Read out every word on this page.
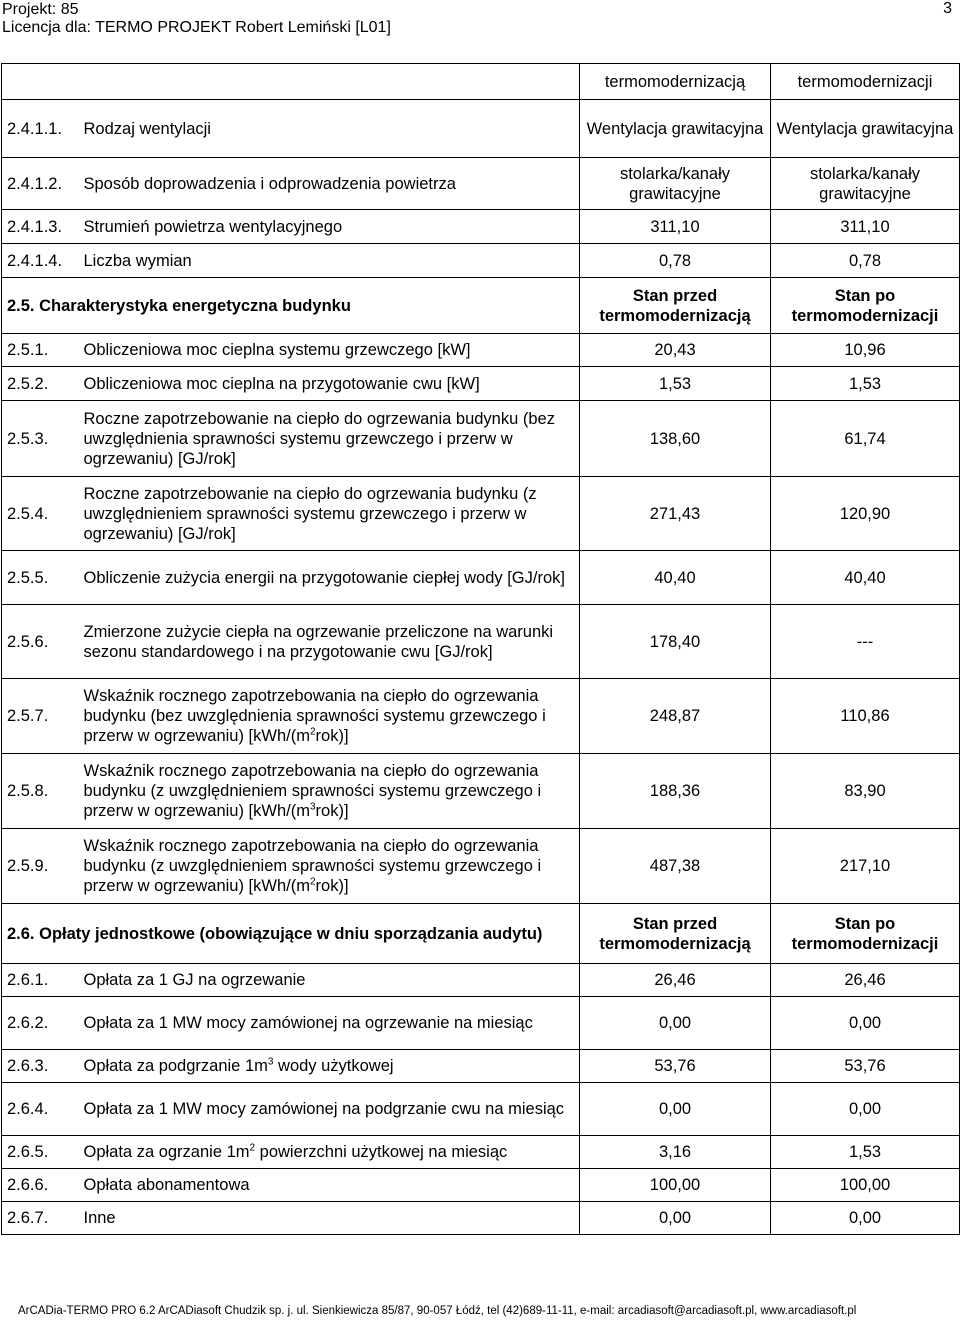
Projekt: 85
Licencja dla: TERMO PROJEKT Robert Lemiński [L01]
3
		termomodernizacją	termomodernizacji
2.4.1.1.	Rodzaj wentylacji	Wentylacja grawitacyjna	Wentylacja grawitacyjna
2.4.1.2.	Sposób doprowadzenia i odprowadzenia powietrza	stolarka/kanały grawitacyjne	stolarka/kanały grawitacyjne
2.4.1.3.	Strumień powietrza wentylacyjnego	311,10	311,10
2.4.1.4.	Liczba wymian	0,78	0,78
2.5. Charakterystyka energetyczna budynku		Stan przed termomodernizacją	Stan po termomodernizacji
2.5.1.	Obliczeniowa moc cieplna systemu grzewczego [kW]	20,43	10,96
2.5.2.	Obliczeniowa moc cieplna na przygotowanie cwu [kW]	1,53	1,53
2.5.3.	Roczne zapotrzebowanie na ciepło do ogrzewania budynku (bez uwzględnienia sprawności systemu grzewczego i przerw w ogrzewaniu) [GJ/rok]	138,60	61,74
2.5.4.	Roczne zapotrzebowanie na ciepło do ogrzewania budynku (z uwzględnieniem sprawności systemu grzewczego i przerw w ogrzewaniu) [GJ/rok]	271,43	120,90
2.5.5.	Obliczenie zużycia energii na przygotowanie ciepłej wody [GJ/rok]	40,40	40,40
2.5.6.	Zmierzone zużycie ciepła na ogrzewanie przeliczone na warunki sezonu standardowego i na przygotowanie cwu [GJ/rok]	178,40	---
2.5.7.	Wskaźnik rocznego zapotrzebowania na ciepło do ogrzewania budynku (bez uwzględnienia sprawności systemu grzewczego i przerw w ogrzewaniu) $[kWh/(m^2rok)]$	248,87	110,86
2.5.8.	Wskaźnik rocznego zapotrzebowania na ciepło do ogrzewania budynku (z uwzględnieniem sprawności systemu grzewczego i przerw w ogrzewaniu) $[kWh/(m^3rok)]$	188,36	83,90
2.5.9.	Wskaźnik rocznego zapotrzebowania na ciepło do ogrzewania budynku (z uwzględnieniem sprawności systemu grzewczego i przerw w ogrzewaniu) $[kWh/(m^2rok)]$	487,38	217,10
2.6. Opłaty jednostkowe (obowiązujące w dniu sporządzania audytu)		Stan przed termomodernizacją	Stan po termomodernizacji
2.6.1.	Opłata za 1 GJ na ogrzewanie	26,46	26,46
2.6.2.	Opłata za 1 MW mocy zamówionej na ogrzewanie na miesiąc	0,00	0,00
2.6.3.	Opłata za podgrzanie $1m^3$ wody użytkowej	53,76	53,76
2.6.4.	Opłata za 1 MW mocy zamówionej na podgrzanie cwu na miesiąc	0,00	0,00
2.6.5.	Opłata za ogrzanie $1m^2$ powierzchni użytkowej na miesiąc	3,16	1,53
2.6.6.	Opłata abonamentowa	100,00	100,00
2.6.7.	Inne	0,00	0,00
ArCADia-TERMO PRO 6.2 ArCADiasoft Chudzik sp. j. ul. Sienkiewicza 85/87, 90-057 Łódź, tel (42)689-11-11, e-mail: arcadiasoft@arcadiasoft.pl, www.arcadiasoft.pl
